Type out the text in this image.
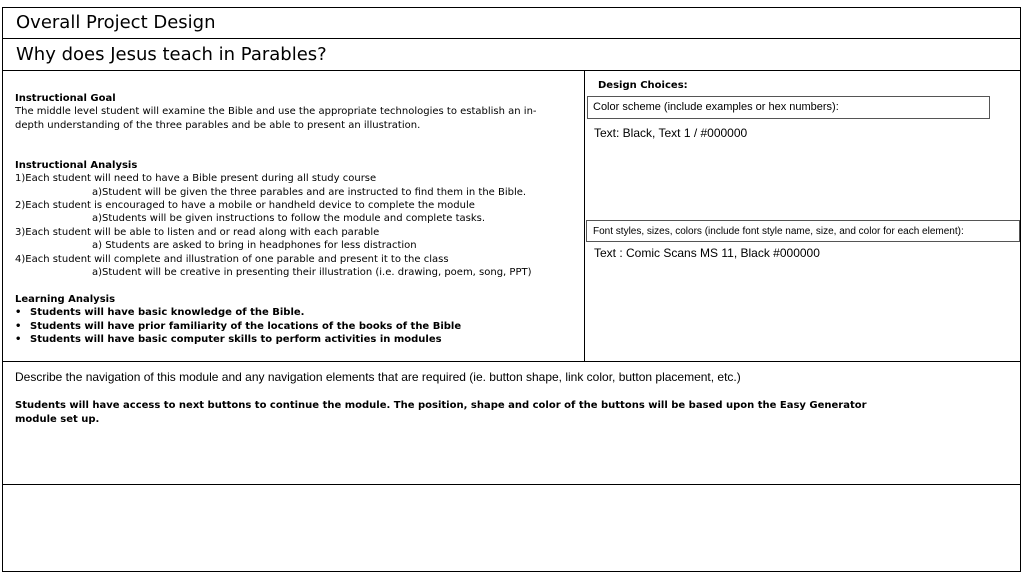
Overall Project Design
Why does Jesus teach in Parables?
Instructional Goal
The middle level student will examine the Bible and use the appropriate technologies to establish an in-
depth understanding of the three parables and be able to present an illustration.
Instructional Analysis
1)Each student will need to have a Bible present during all study course
a)Student will be given the three parables and are instructed to find them in the Bible.
2)Each student is encouraged to have a mobile or handheld device to complete the module
a)Students will be given instructions to follow the module and complete tasks.
3)Each student will be able to listen and or read along with each parable
a) Students are asked to bring in headphones for less distraction
4)Each student will complete and illustration of one parable and present it to the class
a)Student will be creative in presenting their illustration (i.e. drawing, poem, song, PPT)
Learning Analysis
• Students will have basic knowledge of the Bible.
• Students will have prior familiarity of the locations of the books of the Bible
• Students will have basic computer skills to perform activities in modules
Design Choices:
Color scheme (include examples or hex numbers):
Text: Black, Text 1 / #000000
Font styles, sizes, colors (include font style name, size, and color for each element):
Text : Comic Scans MS 11, Black #000000
Describe the navigation of this module and any navigation elements that are required (ie. button shape, link color, button placement, etc.)
Students will have access to next buttons to continue the module. The position, shape and color of the buttons will be based upon the Easy Generator
module set up.
